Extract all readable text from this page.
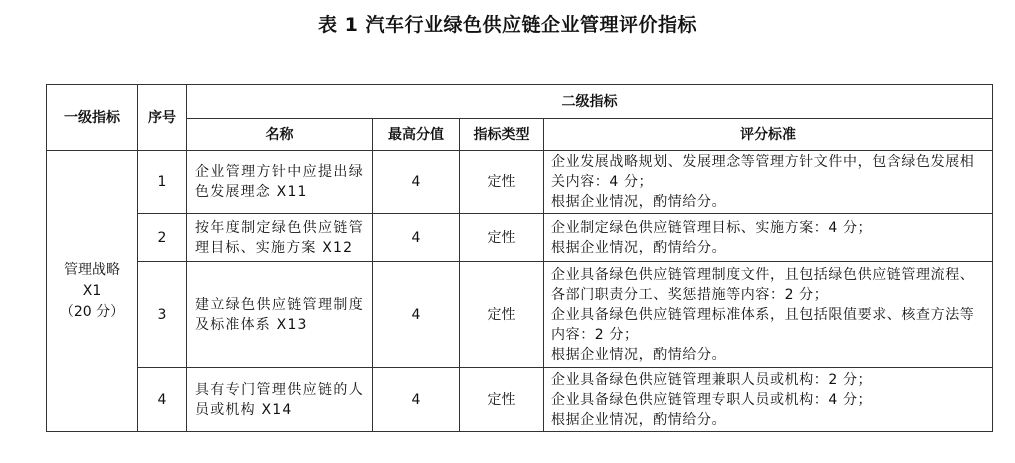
表 1 汽车行业绿色供应链企业管理评价指标
一级指标	序号	二级指标			
		名称	最高分值	指标类型	评分标准

管理战略
X1
（20 分）	1	企业管理方针中应提出绿色发展理念 X11	4	定性	企业发展战略规划、发展理念等管理方针文件中，包含绿色发展相关内容：4 分；
根据企业情况，酌情给分。

	2	按年度制定绿色供应链管理目标、实施方案 X12	4	定性	企业制定绿色供应链管理目标、实施方案：4 分；
根据企业情况，酌情给分。

	3	建立绿色供应链管理制度及标准体系 X13	4	定性	企业具备绿色供应链管理制度文件，且包括绿色供应链管理流程、各部门职责分工、奖惩措施等内容：2 分；
企业具备绿色供应链管理标准体系，且包括限值要求、核查方法等内容：2 分；
根据企业情况，酌情给分。

	4	具有专门管理供应链的人员或机构 X14	4	定性	企业具备绿色供应链管理兼职人员或机构：2 分；
企业具备绿色供应链管理专职人员或机构：4 分；
根据企业情况，酌情给分。
